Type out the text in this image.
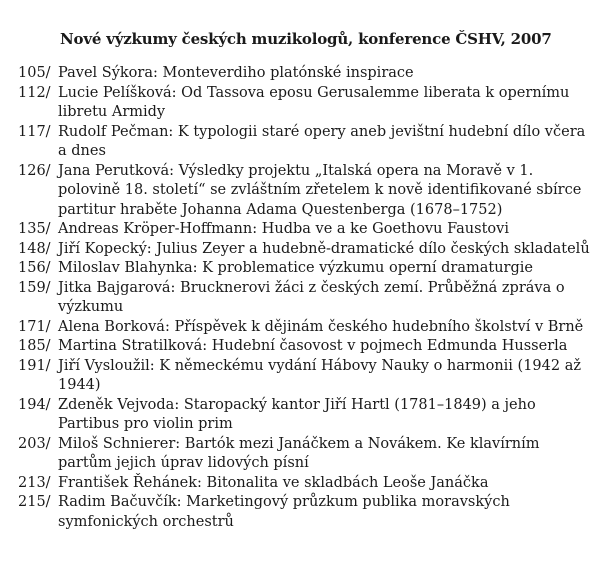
Nové výzkumy českých muzikologů, konference ČSHV, 2007
105/ Pavel Sýkora: Monteverdiho platónské inspirace
112/ Lucie Pelíšková: Od Tassova eposu Gerusalemme liberata k opernímu libretu Armidy
117/ Rudolf Pečman: K typologii staré opery aneb jevištní hudební dílo včera a dnes
126/ Jana Perutková: Výsledky projektu „Italská opera na Moravě v 1. polovině 18. století“ se zvláštním zřetelem k nově identifikované sbírce partitur hraběte Johanna Adama Questenberga (1678–1752)
135/ Andreas Kröper-Hoffmann: Hudba ve a ke Goethovu Faustovi
148/ Jiří Kopecký: Julius Zeyer a hudebně-dramatické dílo českých skladatelů
156/ Miloslav Blahynka: K problematice výzkumu operní dramaturgie
159/ Jitka Bajgarová: Brucknerovi žáci z českých zemí. Průběžná zpráva o výzkumu
171/ Alena Borková: Příspěvek k dějinám českého hudebního školství v Brně
185/ Martina Stratilková: Hudební časovost v pojmech Edmunda Husserla
191/ Jiří Vysloužil: K německému vydání Hábovy Nauky o harmonii (1942 až 1944)
194/ Zdeněk Vejvoda: Staropacký kantor Jiří Hartl (1781–1849) a jeho Partibus pro violin prim
203/ Miloš Schnierer: Bartók mezi Janáčkem a Novákem. Ke klavírním partům jejich úprav lidových písní
213/ František Řehánek: Bitonalita ve skladbách Leoše Janáčka
215/ Radim Bačuvčík: Marketingový průzkum publika moravských symfonických orchestrů
